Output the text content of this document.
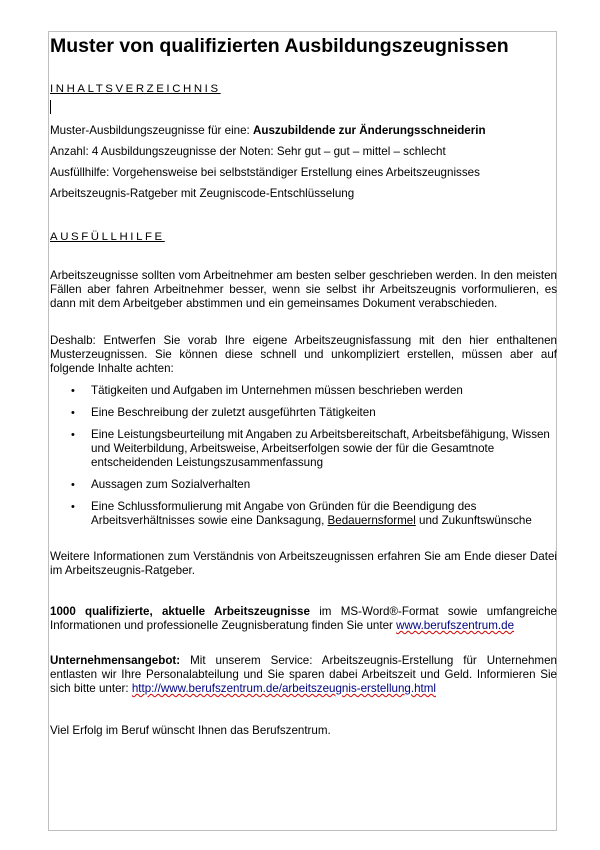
Muster von qualifizierten Ausbildungszeugnissen
INHALTSVERZEICHNIS
Muster-Ausbildungszeugnisse für eine: Auszubildende zur Änderungsschneiderin
Anzahl: 4 Ausbildungszeugnisse der Noten: Sehr gut – gut – mittel – schlecht
Ausfüllhilfe: Vorgehensweise bei selbstständiger Erstellung eines Arbeitszeugnisses
Arbeitszeugnis-Ratgeber mit Zeugniscode-Entschlüsselung
AUSFÜLLHILFE
Arbeitszeugnisse sollten vom Arbeitnehmer am besten selber geschrieben werden. In den meisten Fällen aber fahren Arbeitnehmer besser, wenn sie selbst ihr Arbeitszeugnis vorformulieren, es dann mit dem Arbeitgeber abstimmen und ein gemeinsames Dokument verabschieden.
Deshalb: Entwerfen Sie vorab Ihre eigene Arbeitszeugnisfassung mit den hier enthaltenen Musterzeugnissen. Sie können diese schnell und unkompliziert erstellen, müssen aber auf folgende Inhalte achten:
• Tätigkeiten und Aufgaben im Unternehmen müssen beschrieben werden
• Eine Beschreibung der zuletzt ausgeführten Tätigkeiten
• Eine Leistungsbeurteilung mit Angaben zu Arbeitsbereitschaft, Arbeitsbefähigung, Wissen und Weiterbildung, Arbeitsweise, Arbeitserfolgen sowie der für die Gesamtnote entscheidenden Leistungszusammenfassung
• Aussagen zum Sozialverhalten
• Eine Schlussformulierung mit Angabe von Gründen für die Beendigung des Arbeitsverhältnisses sowie eine Danksagung, Bedauernsformel und Zukunftswünsche
Weitere Informationen zum Verständnis von Arbeitszeugnissen erfahren Sie am Ende dieser Datei im Arbeitszeugnis-Ratgeber.
1000 qualifizierte, aktuelle Arbeitszeugnisse im MS-Word®-Format sowie umfangreiche Informationen und professionelle Zeugnisberatung finden Sie unter www.berufszentrum.de
Unternehmensangebot: Mit unserem Service: Arbeitszeugnis-Erstellung für Unternehmen entlasten wir Ihre Personalabteilung und Sie sparen dabei Arbeitszeit und Geld. Informieren Sie sich bitte unter: http://www.berufszentrum.de/arbeitszeugnis-erstellung.html
Viel Erfolg im Beruf wünscht Ihnen das Berufszentrum.
